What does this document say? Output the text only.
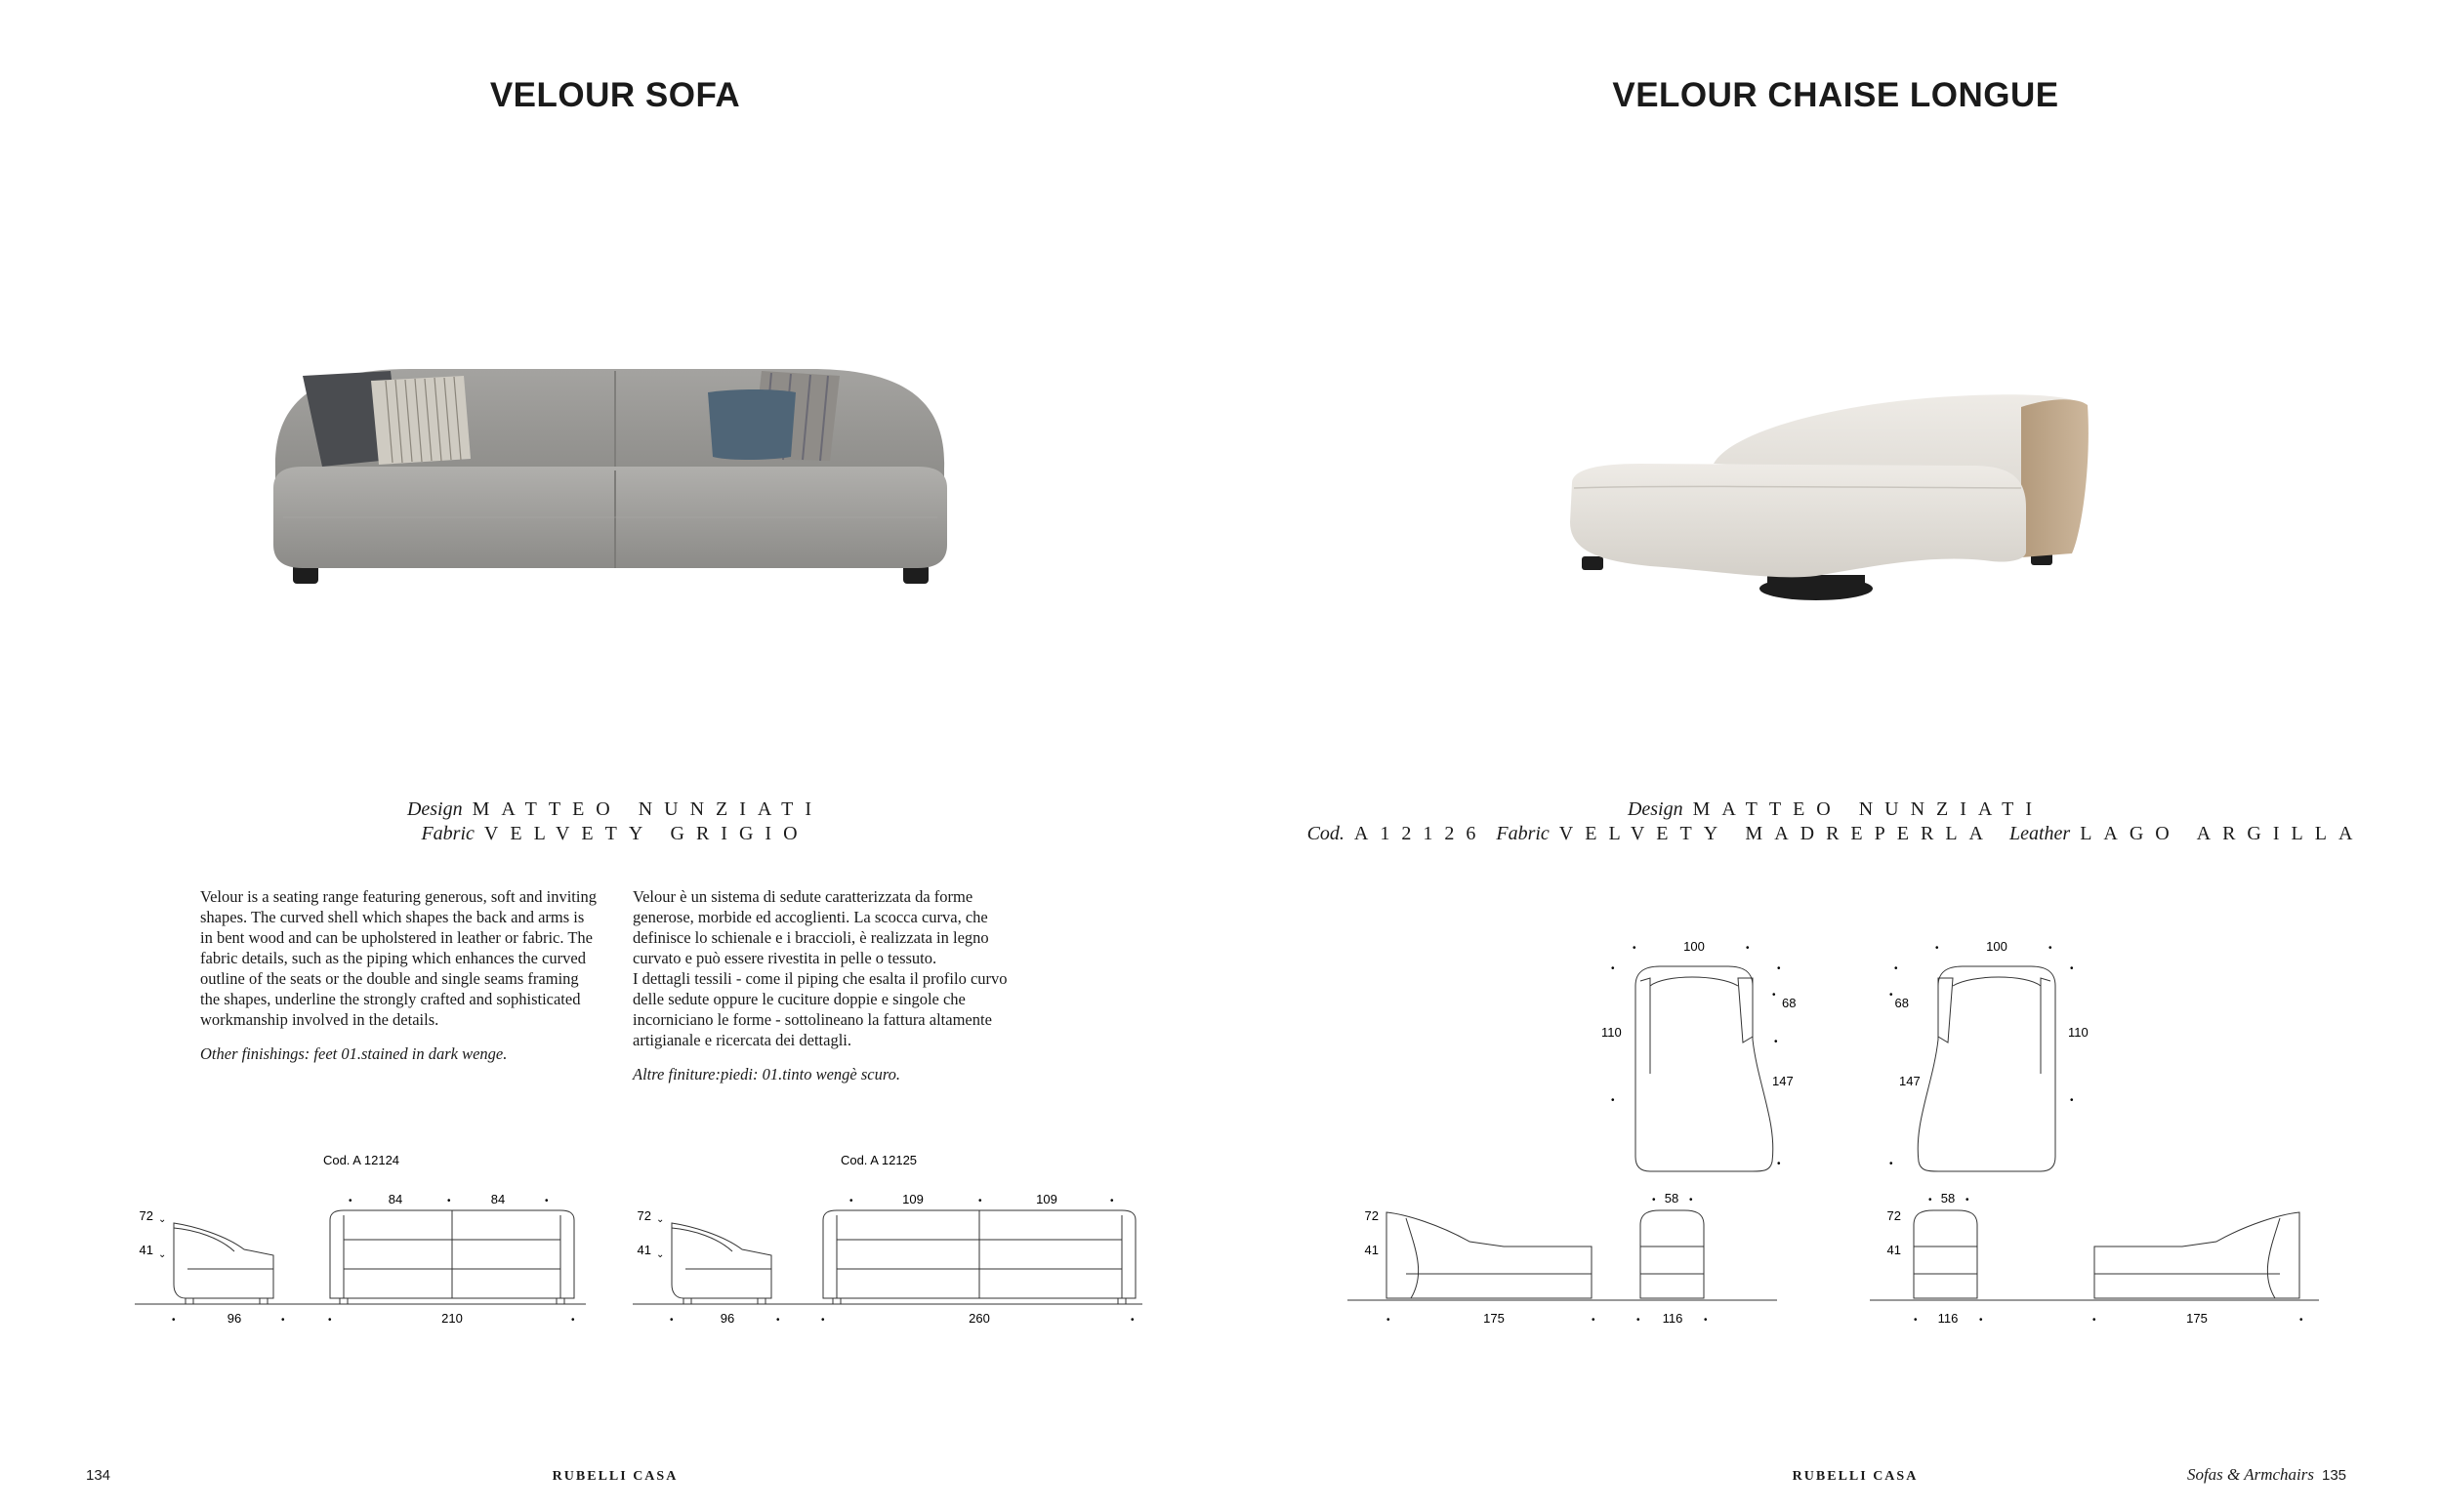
VELOUR SOFA
Design MATTEO NUNZIATI
Fabric VELVETY GRIGIO

Velour is a seating range featuring generous, soft and inviting shapes. The curved shell which shapes the back and arms is in bent wood and can be upholstered in leather or fabric. The fabric details, such as the piping which enhances the curved outline of the seats or the double and single seams framing the shapes, underline the strongly crafted and sophisticated workmanship involved in the details.

Other finishings: feet 01.stained in dark wenge.

Velour è un sistema di sedute caratterizzata da forme generose, morbide ed accoglienti. La scocca curva, che definisce lo schienale e i braccioli, è realizzata in legno curvato e può essere rivestita in pelle o tessuto.

I dettagli tessili - come il piping che esalta il profilo curvo delle sedute oppure le cuciture doppie e singole che incorniciano le forme - sottolineano la fattura altamente artigianale e ricercata dei dettagli.

Altre finiture:piedi: 01.tinto wengè scuro.

Cod. A 12124
72
41
⌄
⌄
96
•	•
84	84
•	•	•
210
•	•
Cod. A 12125
72
41
⌄
⌄
96
•	•
109	109
•	•	•
260
•	•
134	RUBELLI CASA
VELOUR CHAISE LONGUE
Design MATTEO NUNZIATI
Cod. A12126 Fabric VELVETY MADREPERLA Leather LAGO ARGILLA
100
•	•
68
110
147
•
•
•
•
•
•
100
•	•
68
110
147
•
•
•	•
•
72
41
175
•	•
58
•	•
116
•	•
72
41
58
•	•
116
•	•	175
•	•
RUBELLI CASA	Sofas & Armchairs 135
